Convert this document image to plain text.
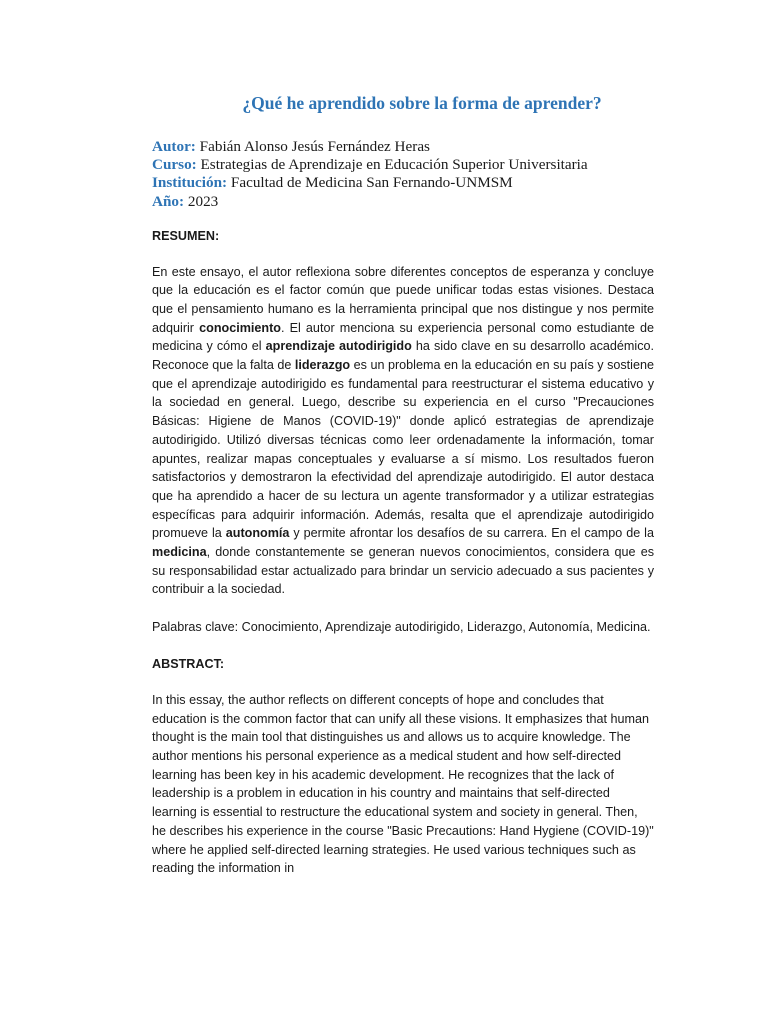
¿Qué he aprendido sobre la forma de aprender?
Autor: Fabián Alonso Jesús Fernández Heras
Curso: Estrategias de Aprendizaje en Educación Superior Universitaria
Institución: Facultad de Medicina San Fernando-UNMSM
Año: 2023
RESUMEN:

En este ensayo, el autor reflexiona sobre diferentes conceptos de esperanza y concluye que la educación es el factor común que puede unificar todas estas visiones. Destaca que el pensamiento humano es la herramienta principal que nos distingue y nos permite adquirir conocimiento. El autor menciona su experiencia personal como estudiante de medicina y cómo el aprendizaje autodirigido ha sido clave en su desarrollo académico. Reconoce que la falta de liderazgo es un problema en la educación en su país y sostiene que el aprendizaje autodirigido es fundamental para reestructurar el sistema educativo y la sociedad en general. Luego, describe su experiencia en el curso "Precauciones Básicas: Higiene de Manos (COVID-19)" donde aplicó estrategias de aprendizaje autodirigido. Utilizó diversas técnicas como leer ordenadamente la información, tomar apuntes, realizar mapas conceptuales y evaluarse a sí mismo. Los resultados fueron satisfactorios y demostraron la efectividad del aprendizaje autodirigido. El autor destaca que ha aprendido a hacer de su lectura un agente transformador y a utilizar estrategias específicas para adquirir información. Además, resalta que el aprendizaje autodirigido promueve la autonomía y permite afrontar los desafíos de su carrera. En el campo de la medicina, donde constantemente se generan nuevos conocimientos, considera que es su responsabilidad estar actualizado para brindar un servicio adecuado a sus pacientes y contribuir a la sociedad.

Palabras clave: Conocimiento, Aprendizaje autodirigido, Liderazgo, Autonomía, Medicina.

ABSTRACT:

In this essay, the author reflects on different concepts of hope and concludes that education is the common factor that can unify all these visions. It emphasizes that human thought is the main tool that distinguishes us and allows us to acquire knowledge. The author mentions his personal experience as a medical student and how self-directed learning has been key in his academic development. He recognizes that the lack of leadership is a problem in education in his country and maintains that self-directed learning is essential to restructure the educational system and society in general. Then, he describes his experience in the course "Basic Precautions: Hand Hygiene (COVID-19)" where he applied self-directed learning strategies. He used various techniques such as reading the information in
